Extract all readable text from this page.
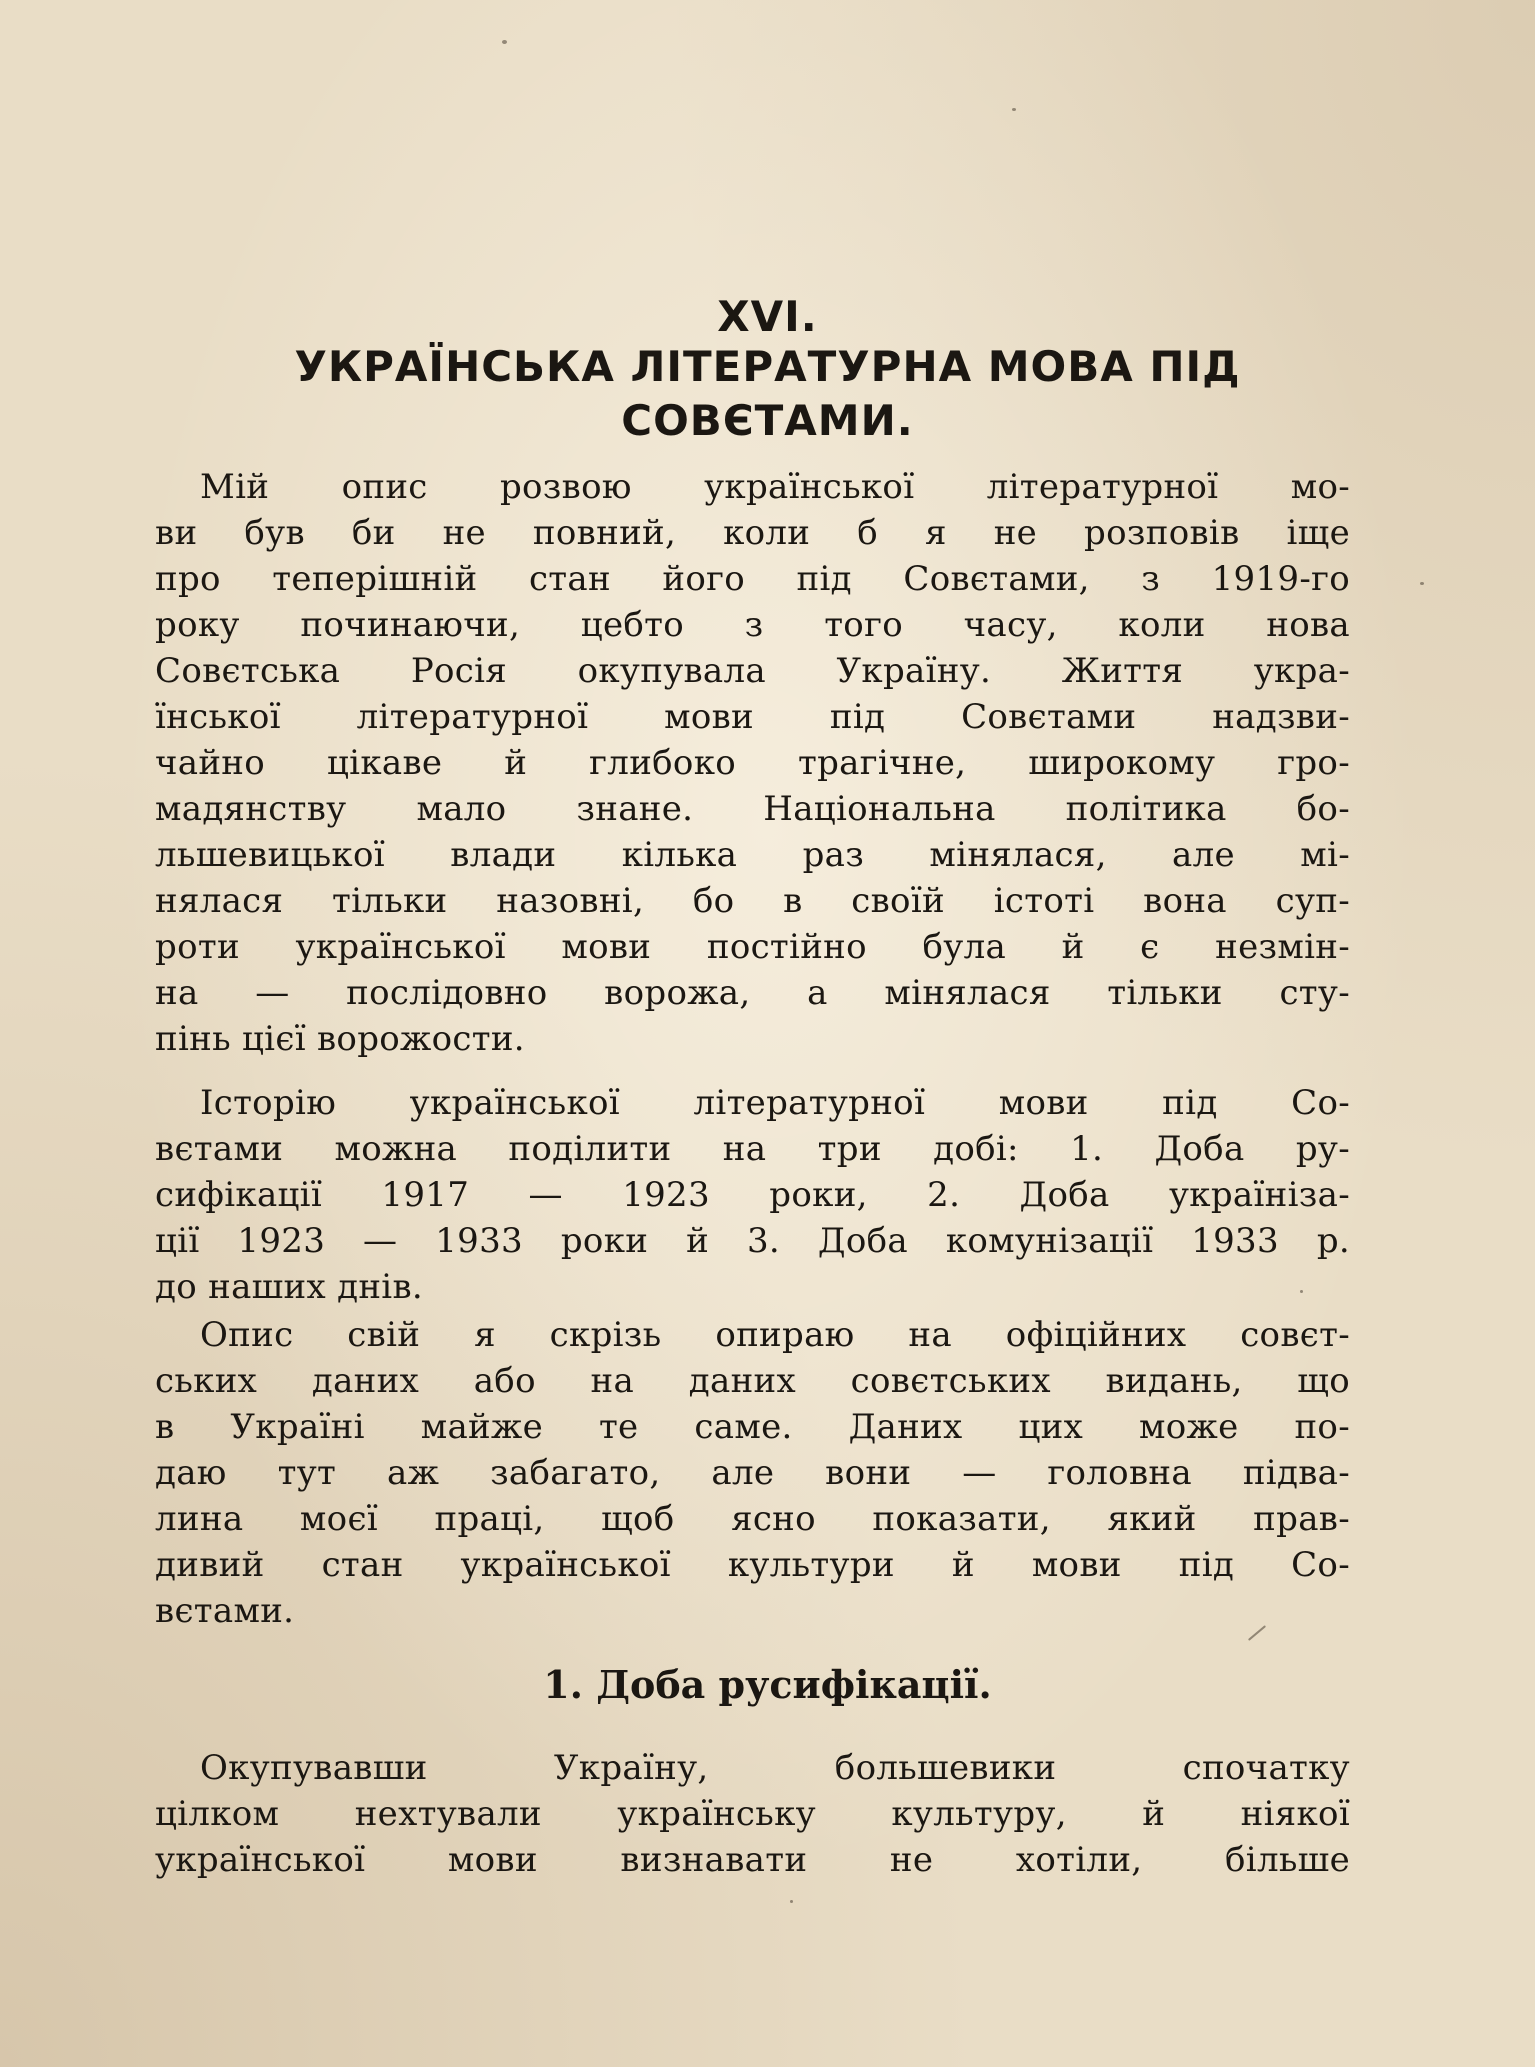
XVI.
УКРАЇНСЬКА ЛІТЕРАТУРНА МОВА ПІД
СОВЄТАМИ.
Мій опис розвою української літературної мо-
ви був би не повний, коли б я не розповів іще
про теперішній стан його під Совєтами, з 1919-го
року починаючи, цебто з того часу, коли нова
Совєтська Росія окупувала Україну. Життя укра-
їнської літературної мови під Совєтами надзви-
чайно цікаве й глибоко трагічне, широкому гро-
мадянству мало знане. Національна політика бо-
льшевицької влади кілька раз мінялася, але мі-
нялася тільки назовні, бо в своїй істоті вона суп-
роти української мови постійно була й є незмін-
на — послідовно ворожа, а мінялася тільки сту-
пінь цієї ворожости.
Історію української літературної мови під Со-
вєтами можна поділити на три добі: 1. Доба ру-
сифікації 1917 — 1923 роки, 2. Доба українізa-
ції 1923 — 1933 роки й 3. Доба комунізації 1933 р.
до наших днів.
Опис свій я скрізь опираю на офіційних совєт-
ських даних або на даних совєтських видань, що
в Україні майже те саме. Даних цих може по-
даю тут аж забагато, але вони — головна підва-
лина моєї праці, щоб ясно показати, який прав-
дивий стан української культури й мови під Со-
вєтами.
1. Доба русифікації.
Окупувавши Україну, большевики спочатку
цілком нехтували українську культуру, й ніякої
української мови визнавати не хотіли, більше
